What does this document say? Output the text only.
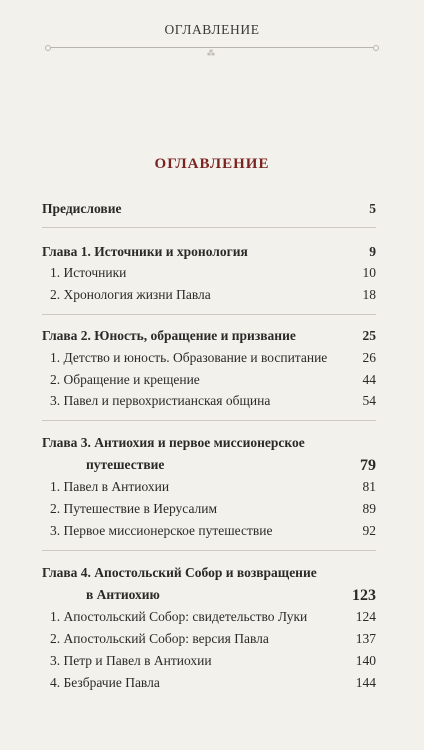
ОГЛАВЛЕНИЕ
⁂
ОГЛАВЛЕНИЕ
Предисловие	5
Глава 1. Источники и хронология	9
1. Источники	10
2. Хронология жизни Павла	18
Глава 2. Юность, обращение и призвание	25
1. Детство и юность. Образование и воспитание	26
2. Обращение и крещение	44
3. Павел и первохристианская община	54
Глава 3. Антиохия и первое миссионерское
путешествие	79
1. Павел в Антиохии	81
2. Путешествие в Иерусалим	89
3. Первое миссионерское путешествие	92
Глава 4. Апостольский Собор и возвращение
в Антиохию	123
1. Апостольский Собор: свидетельство Луки	124
2. Апостольский Собор: версия Павла	137
3. Петр и Павел в Антиохии	140
4. Безбрачие Павла	144
